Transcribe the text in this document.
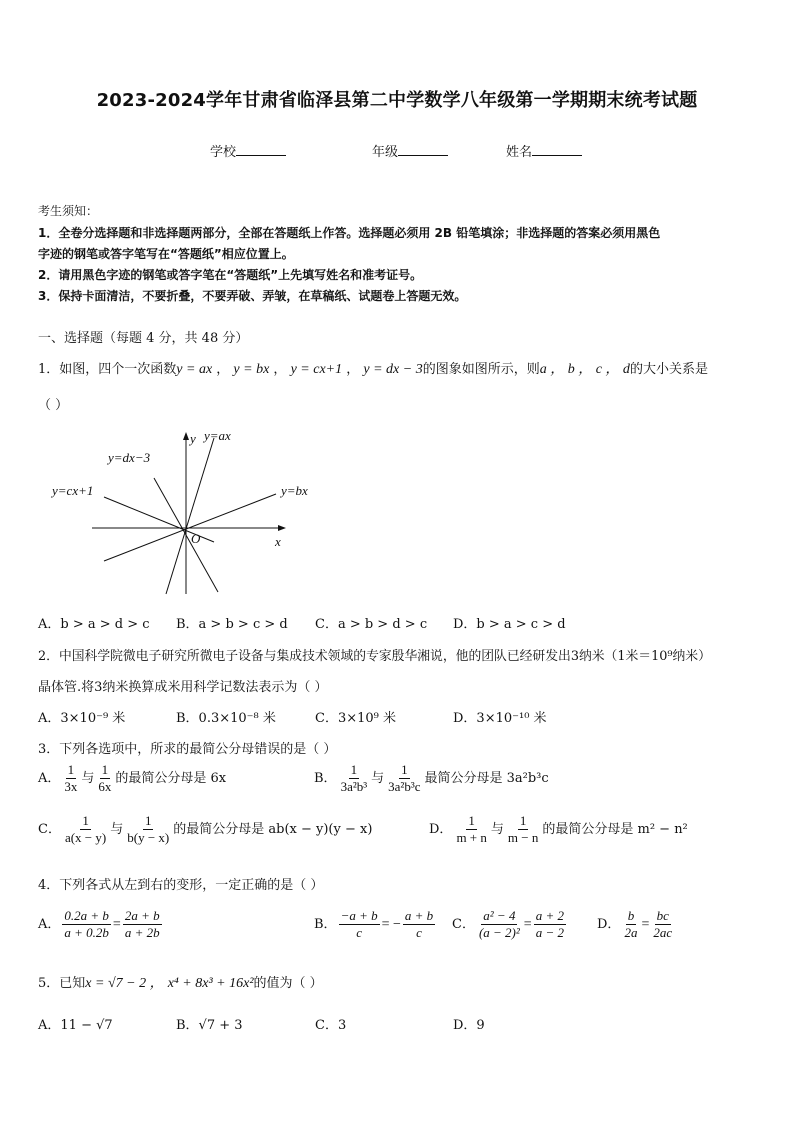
2023-2024学年甘肃省临泽县第二中学数学八年级第一学期期末统考试题
学校	年级	姓名
考生须知：
1．全卷分选择题和非选择题两部分，全部在答题纸上作答。选择题必须用 2B 铅笔填涂；非选择题的答案必须用黑色
字迹的钢笔或答字笔写在“答题纸”相应位置上。
2．请用黑色字迹的钢笔或答字笔在“答题纸”上先填写姓名和准考证号。
3．保持卡面清洁，不要折叠，不要弄破、弄皱，在草稿纸、试题卷上答题无效。
一、选择题（每题 4 分，共 48 分）
1．如图，四个一次函数y = ax ， y = bx ， y = cx+1 ， y = dx − 3的图象如图所示，则a ， b ， c ， d的大小关系是
（ ）
y=ax
y=dx−3
y=cx+1	y=bx
x
y
O
A．b > a > d > c B．a > b > c > d C．a > b > d > c D．b > a > c > d
2．中国科学院微电子研究所微电子设备与集成技术领域的专家殷华湘说，他的团队已经研发出3纳米（1米＝10⁹纳米）
晶体管.将3纳米换算成米用科学记数法表示为（ ）
A．3×10⁻⁹ 米	B．0.3×10⁻⁸ 米	C．3×10⁹ 米	D．3×10⁻¹⁰ 米
3．下列各选项中，所求的最简公分母错误的是（ ）
A． $\frac{1}{3x}$ 与 $\frac{1}{6x}$ 的最简公分母是 6x	B． $\frac{1}{\text{3a²b³}}$ 与 $\frac{1}{\text{3a²b³c}}$ 最简公分母是 3a²b³c
C． $\frac{1}{a(x - y)}$ 与 $\frac{1}{b(y - x)}$ 的最简公分母是 ab(x − y)(y − x)	D． $\frac{1}{m + n}$ 与 $\frac{1}{m - n}$ 的最简公分母是 m² − n²
4．下列各式从左到右的变形，一定正确的是（ ）
A． $\frac{0.2a + b}{a + 0.2b} = \frac{2a + b}{a + 2b}$	B． $\frac{-a + b}{c}$ = − $\frac{a + b}{c}$ C． $\frac{\text{a² − 4}}{\text{(a − 2)²}} = \frac{a + 2}{a - 2}$ D． $\frac{b}{2a} = \frac{bc}{2ac}$
5．已知x = √7 − 2 ， x⁴ + 8x³ + 16x²的值为（ ）
A．11 − √7	B．√7 + 3	C．3	D．9
